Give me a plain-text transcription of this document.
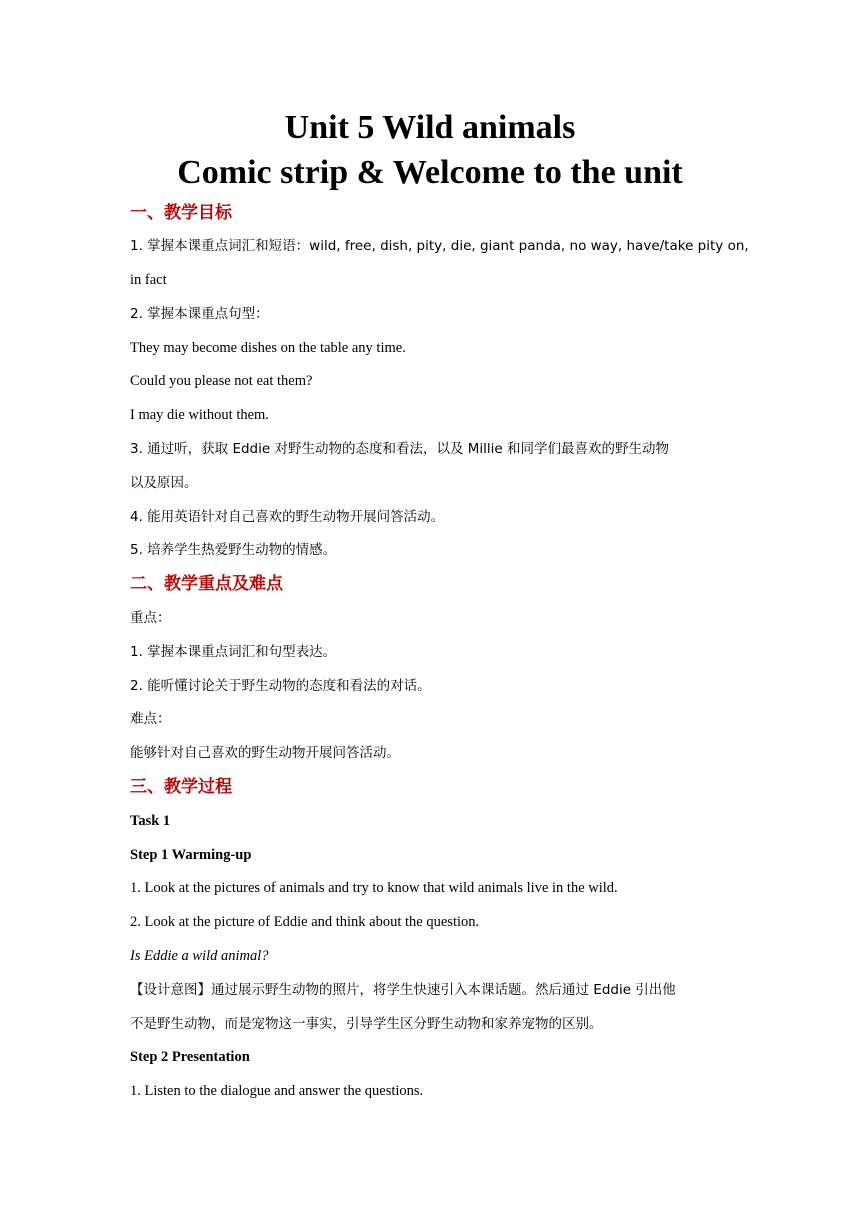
Unit 5 Wild animals
Comic strip & Welcome to the unit
一、教学目标
1. 掌握本课重点词汇和短语：wild, free, dish, pity, die, giant panda, no way, have/take pity on,
in fact
2. 掌握本课重点句型：
They may become dishes on the table any time.
Could you please not eat them?
I may die without them.
3. 通过听，获取 Eddie 对野生动物的态度和看法，以及 Millie 和同学们最喜欢的野生动物
以及原因。
4. 能用英语针对自己喜欢的野生动物开展问答活动。
5. 培养学生热爱野生动物的情感。
二、教学重点及难点
重点：
1. 掌握本课重点词汇和句型表达。
2. 能听懂讨论关于野生动物的态度和看法的对话。
难点：
能够针对自己喜欢的野生动物开展问答活动。
三、教学过程
Task 1
Step 1 Warming-up
1. Look at the pictures of animals and try to know that wild animals live in the wild.
2. Look at the picture of Eddie and think about the question.
Is Eddie a wild animal?
【设计意图】通过展示野生动物的照片，将学生快速引入本课话题。然后通过 Eddie 引出他
不是野生动物，而是宠物这一事实，引导学生区分野生动物和家养宠物的区别。
Step 2 Presentation
1. Listen to the dialogue and answer the questions.
